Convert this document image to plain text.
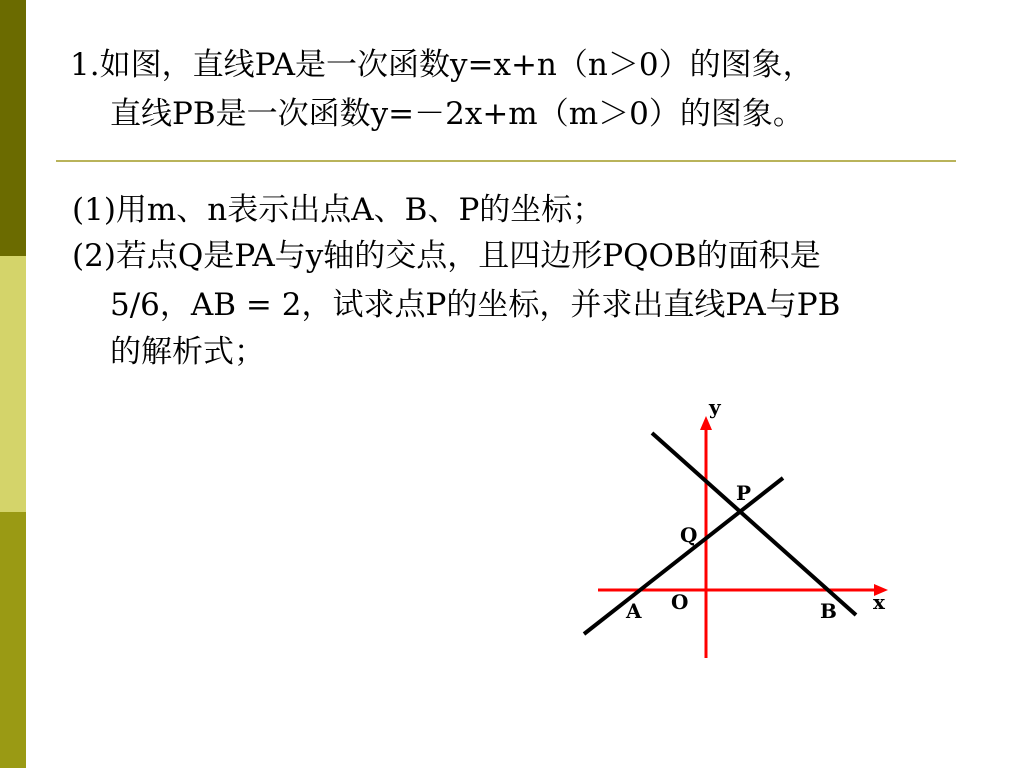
1.如图，直线PA是一次函数y=x+n（n＞0）的图象，
直线PB是一次函数y=－2x+m（m＞0）的图象。
(1)用m、n表示出点A、B、P的坐标；
(2)若点Q是PA与y轴的交点，且四边形PQOB的面积是
5/6，AB = 2，试求点P的坐标，并求出直线PA与PB
的解析式；
y
x
O
P
Q
A	B
